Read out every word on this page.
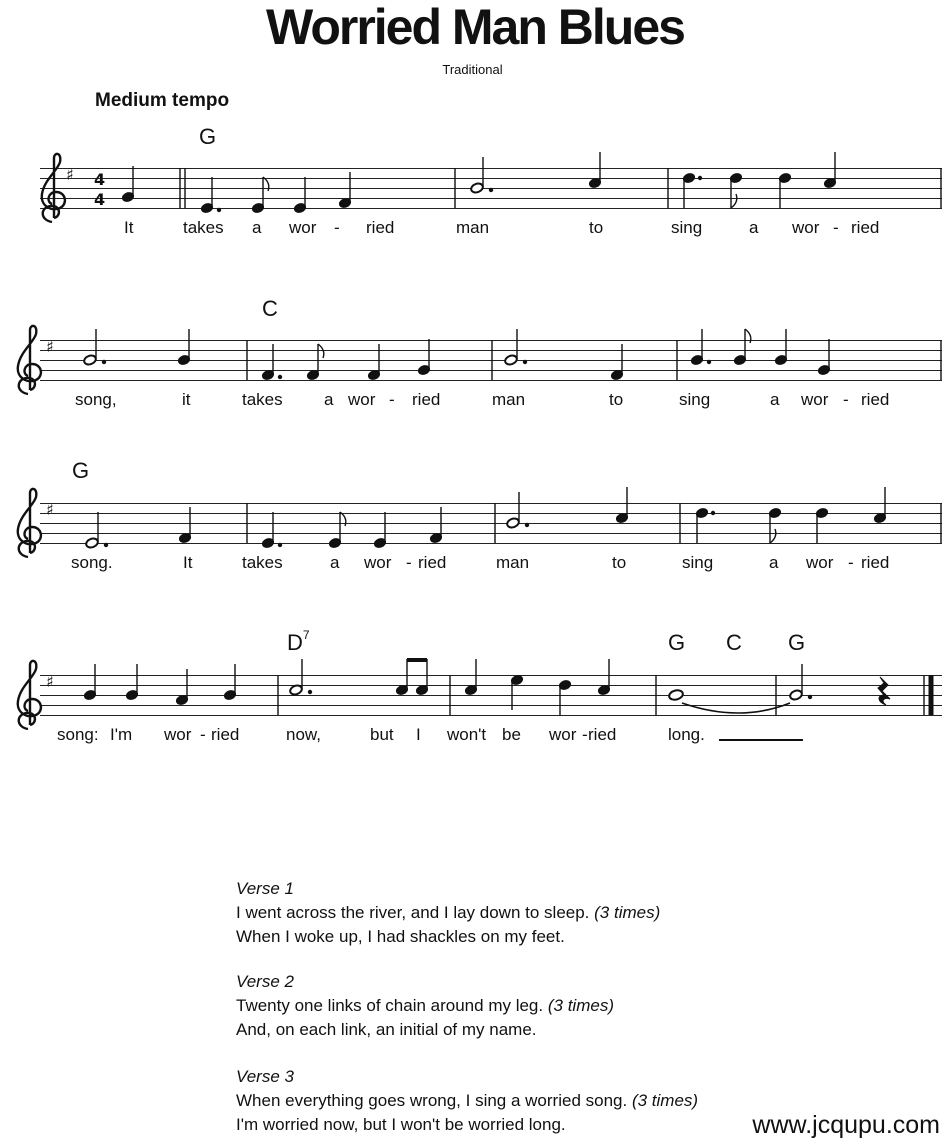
Worried Man Blues
Traditional
Medium tempo
G
C
G
$D^7$	G C G
♯ 4
4
It	takes a wor - ried	man	to	sing	a wor - ried
♯
song,	it	takes a wor - ried	man	to	sing	a wor - ried
♯
song.	It	takes	a wor - ried	man	to	sing	a wor - ried
♯
song: I'm wor - ried	now,	but I won't be wor - ried	long.
Verse 1
I went across the river, and I lay down to sleep. (3 times)
When I woke up, I had shackles on my feet.
Verse 2
Twenty one links of chain around my leg. (3 times)
And, on each link, an initial of my name.
Verse 3
When everything goes wrong, I sing a worried song. (3 times)
I'm worried now, but I won't be worried long.	www.jcqupu.com
